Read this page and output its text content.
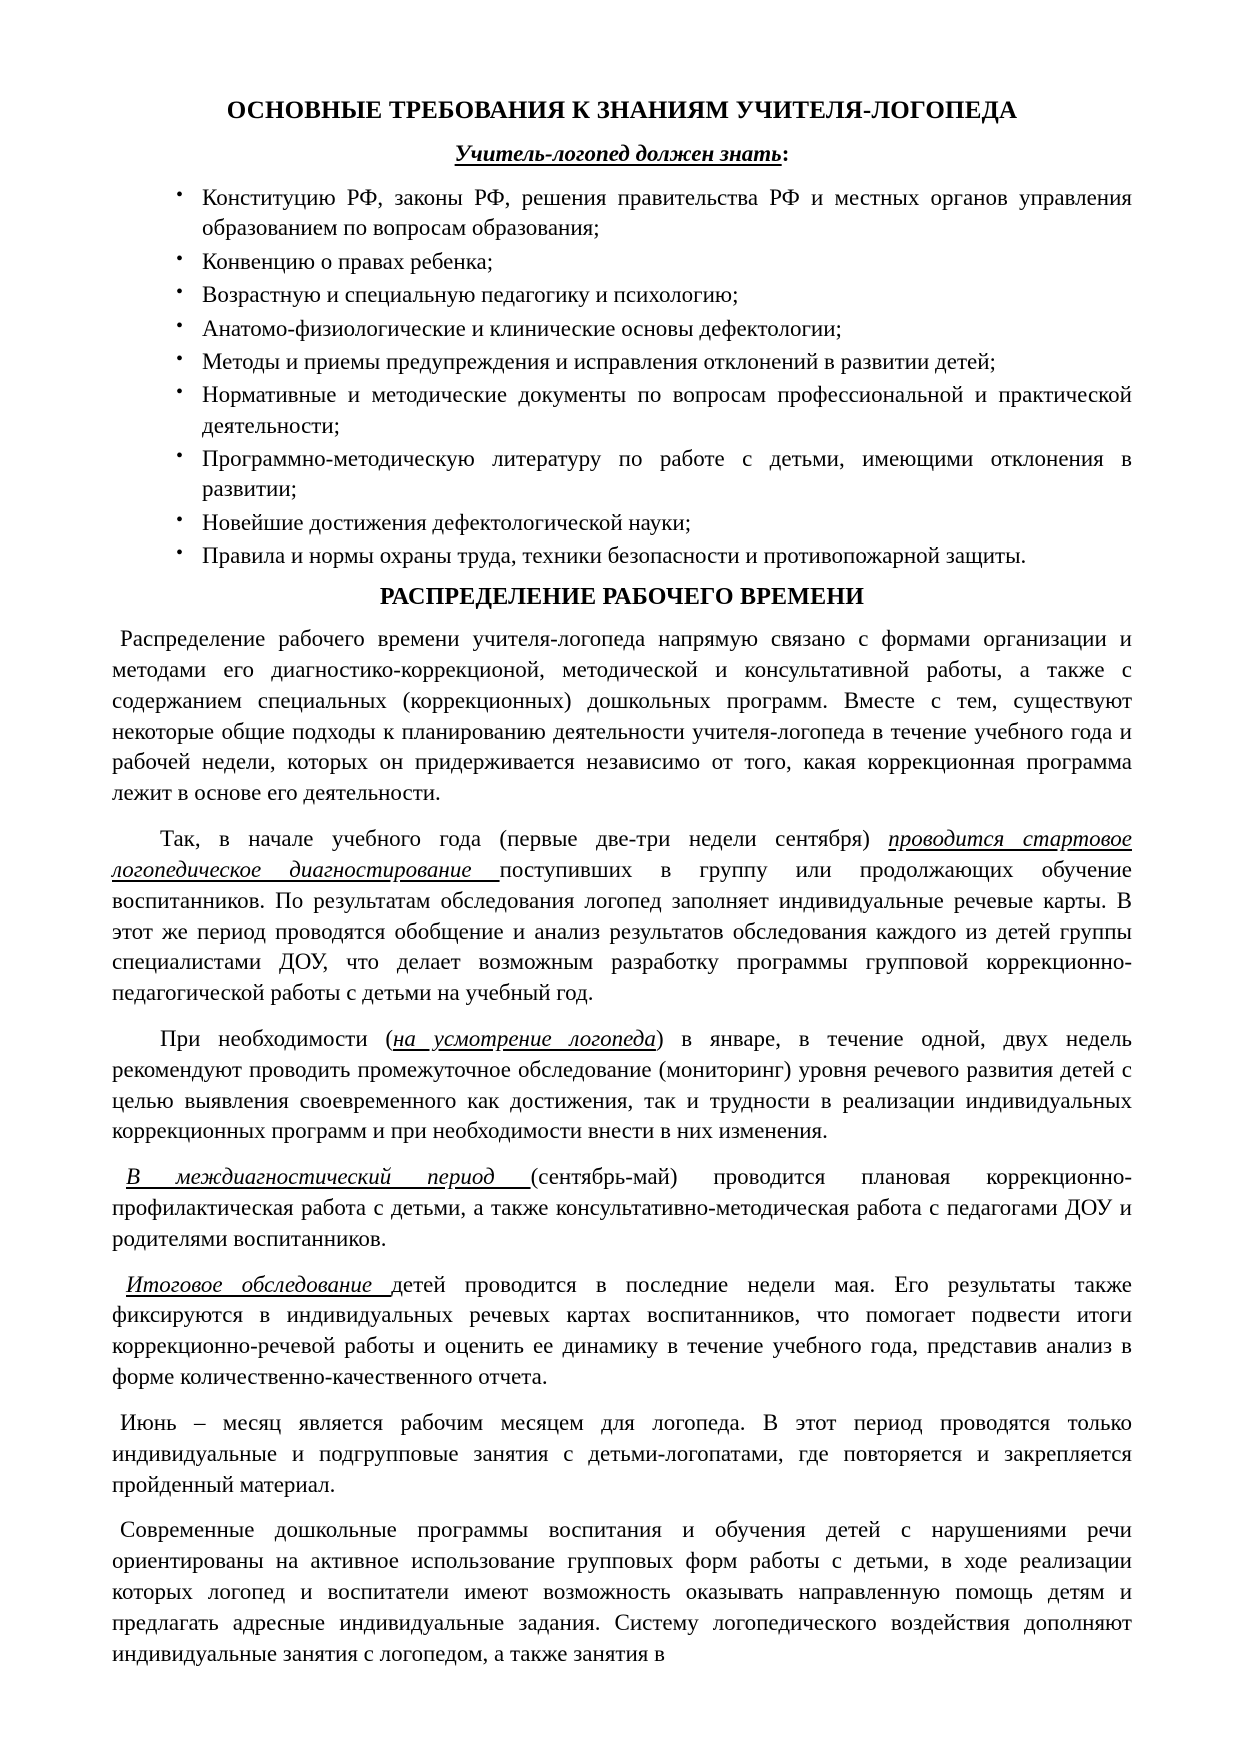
ОСНОВНЫЕ ТРЕБОВАНИЯ К ЗНАНИЯМ УЧИТЕЛЯ-ЛОГОПЕДА
Учитель-логопед должен знать:
• Конституцию РФ, законы РФ, решения правительства РФ и местных органов управления образованием по вопросам образования;
• Конвенцию о правах ребенка;
• Возрастную и специальную педагогику и психологию;
• Анатомо-физиологические и клинические основы дефектологии;
• Методы и приемы предупреждения и исправления отклонений в развитии детей;
• Нормативные и методические документы по вопросам профессиональной и практической деятельности;
• Программно-методическую литературу по работе с детьми, имеющими отклонения в развитии;
• Новейшие достижения дефектологической науки;
• Правила и нормы охраны труда, техники безопасности и противопожарной защиты.
РАСПРЕДЕЛЕНИЕ РАБОЧЕГО ВРЕМЕНИ

Распределение рабочего времени учителя-логопеда напрямую связано с формами организации и методами его диагностико-коррекционой, методической и консультативной работы, а также с содержанием специальных (коррекционных) дошкольных программ. Вместе с тем, существуют некоторые общие подходы к планированию деятельности учителя-логопеда в течение учебного года и рабочей недели, которых он придерживается независимо от того, какая коррекционная программа лежит в основе его деятельности.

Так, в начале учебного года (первые две-три недели сентября) проводится стартовое логопедическое диагностирование поступивших в группу или продолжающих обучение воспитанников. По результатам обследования логопед заполняет индивидуальные речевые карты. В этот же период проводятся обобщение и анализ результатов обследования каждого из детей группы специалистами ДОУ, что делает возможным разработку программы групповой коррекционно-педагогической работы с детьми на учебный год.

При необходимости (на усмотрение логопеда) в январе, в течение одной, двух недель рекомендуют проводить промежуточное обследование (мониторинг) уровня речевого развития детей с целью выявления своевременного как достижения, так и трудности в реализации индивидуальных коррекционных программ и при необходимости внести в них изменения.

В междиагностический период (сентябрь-май) проводится плановая коррекционно-профилактическая работа с детьми, а также консультативно-методическая работа с педагогами ДОУ и родителями воспитанников.

Итоговое обследование детей проводится в последние недели мая. Его результаты также фиксируются в индивидуальных речевых картах воспитанников, что помогает подвести итоги коррекционно-речевой работы и оценить ее динамику в течение учебного года, представив анализ в форме количественно-качественного отчета.

Июнь – месяц является рабочим месяцем для логопеда. В этот период проводятся только индивидуальные и подгрупповые занятия с детьми-логопатами, где повторяется и закрепляется пройденный материал.

Современные дошкольные программы воспитания и обучения детей с нарушениями речи ориентированы на активное использование групповых форм работы с детьми, в ходе реализации которых логопед и воспитатели имеют возможность оказывать направленную помощь детям и предлагать адресные индивидуальные задания. Систему логопедического воздействия дополняют индивидуальные занятия с логопедом, а также занятия в
